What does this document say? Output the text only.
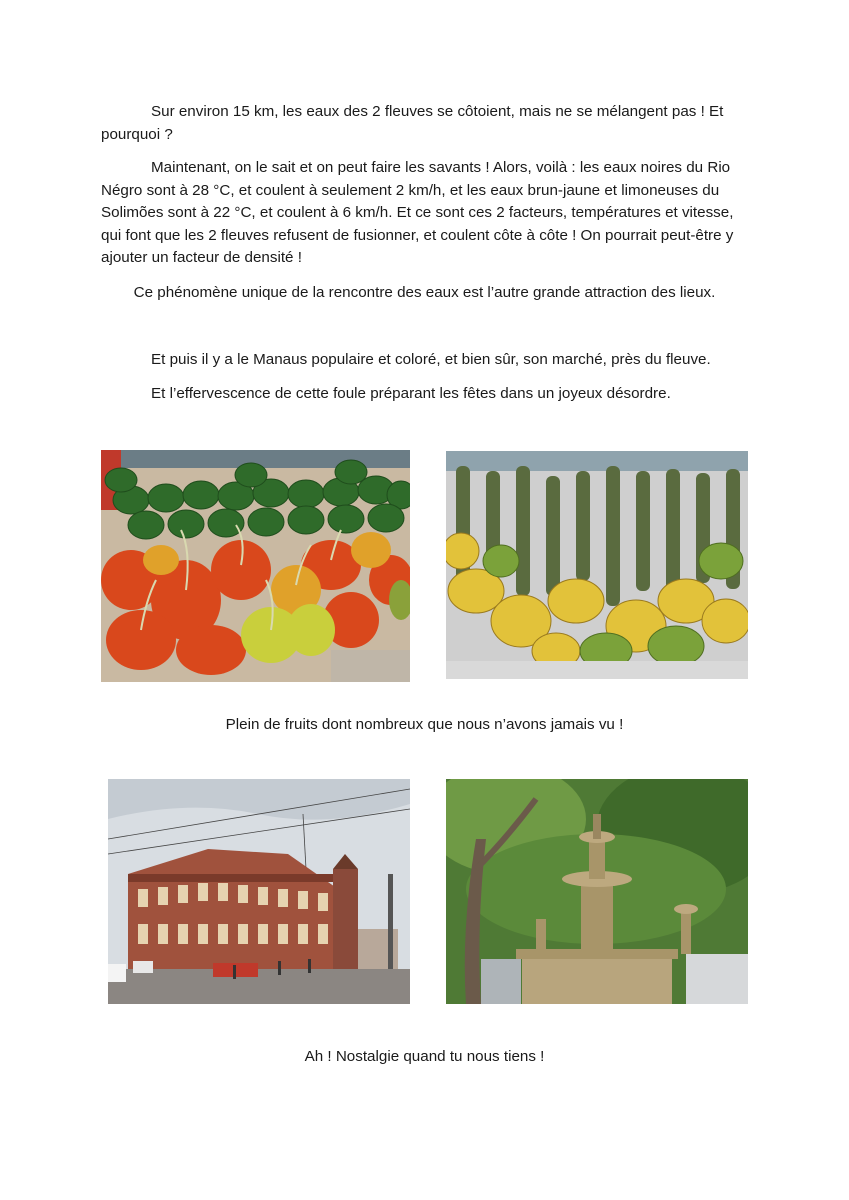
Sur environ 15 km, les eaux des 2 fleuves se côtoient, mais ne se mélangent pas ! Et pourquoi ?

Maintenant, on le sait et on peut faire les savants ! Alors, voilà : les eaux noires du Rio Négro sont à 28 °C, et coulent à seulement 2 km/h, et les eaux brun-jaune et limoneuses du Solimões sont à 22 °C, et coulent à 6 km/h. Et ce sont ces 2 facteurs, températures et vitesse, qui font que les 2 fleuves refusent de fusionner, et coulent côte à côte ! On pourrait peut-être y ajouter un facteur de densité !

Ce phénomène unique de la rencontre des eaux est l’autre grande attraction des lieux.

Et puis il y a le Manaus populaire et coloré, et bien sûr, son marché, près du fleuve.

Et l’effervescence de cette foule préparant les fêtes dans un joyeux désordre.

Plein de fruits dont nombreux que nous n’avons jamais vu !

Ah ! Nostalgie quand tu nous tiens !
